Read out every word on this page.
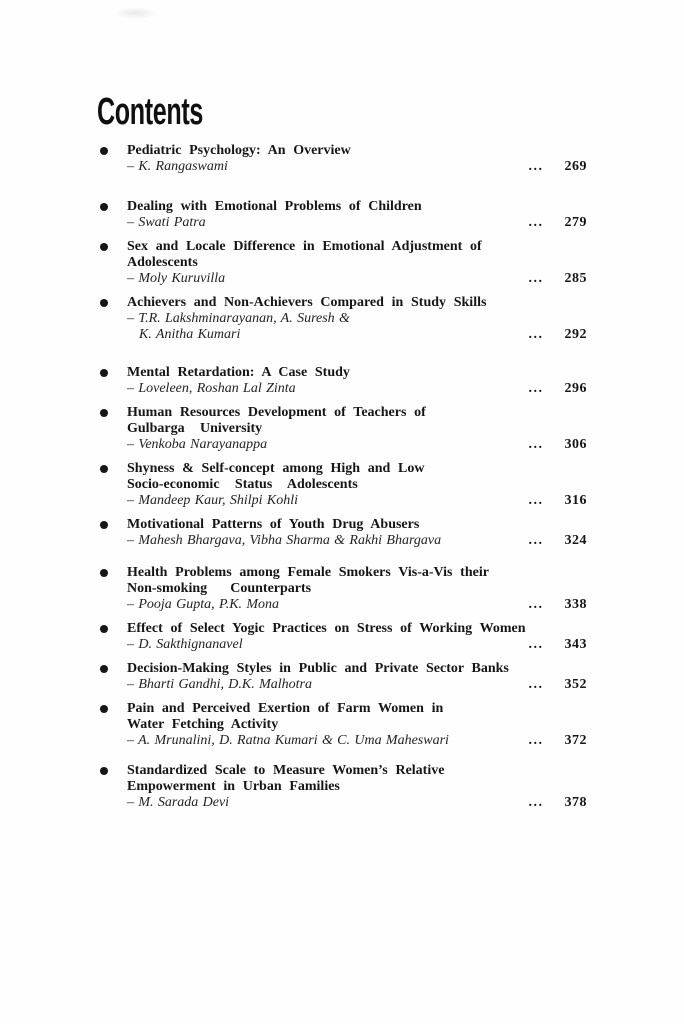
Contents
Pediatric Psychology: An Overview
– K. Rangaswami	...	269
Dealing with Emotional Problems of Children
– Swati Patra	...	279
Sex and Locale Difference in Emotional Adjustment of
Adolescents
– Moly Kuruvilla	...	285
Achievers and Non-Achievers Compared in Study Skills
– T.R. Lakshminarayanan, A. Suresh &
K. Anitha Kumari	...	292
Mental Retardation: A Case Study
– Loveleen, Roshan Lal Zinta	...	296
Human Resources Development of Teachers of
Gulbarga  University
– Venkoba Narayanappa	...	306
Shyness & Self-concept among High and Low
Socio-economic  Status  Adolescents
– Mandeep Kaur, Shilpi Kohli	...	316
Motivational Patterns of Youth Drug Abusers
– Mahesh Bhargava, Vibha Sharma & Rakhi Bhargava	...	324
Health Problems among Female Smokers Vis-a-Vis their
Non-smoking   Counterparts
– Pooja Gupta, P.K. Mona	...	338
Effect of Select Yogic Practices on Stress of Working Women
– D. Sakthignanavel	...	343
Decision-Making Styles in Public and Private Sector Banks
– Bharti Gandhi, D.K. Malhotra	...	352
Pain and Perceived Exertion of Farm Women in
Water Fetching Activity
– A. Mrunalini, D. Ratna Kumari & C. Uma Maheswari	...	372
Standardized Scale to Measure Women’s Relative
Empowerment in Urban Families
– M. Sarada Devi	...	378
